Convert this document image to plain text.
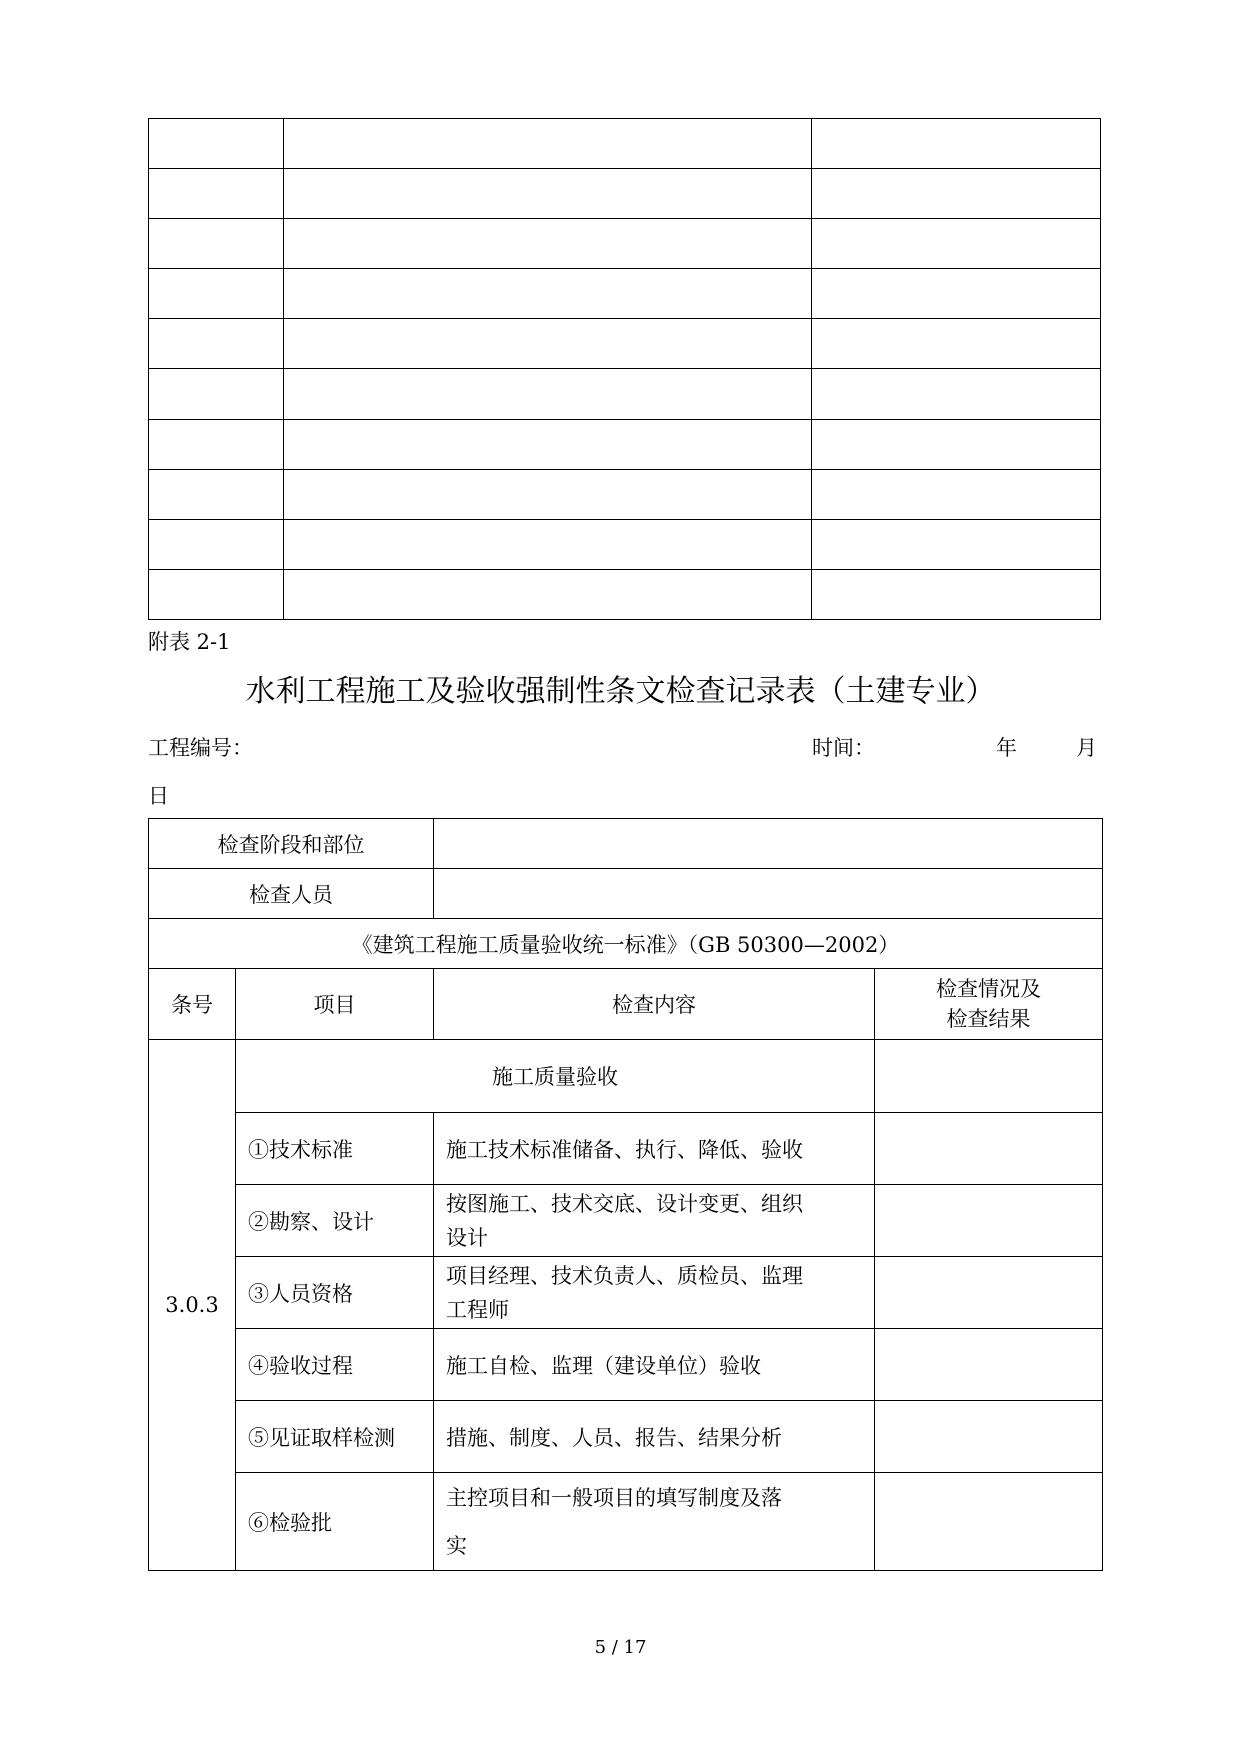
附表 2-1
水利工程施工及验收强制性条文检查记录表（土建专业）
工程编号：	时间：	年	月
日
检查阶段和部位			
检查人员			
《建筑工程施工质量验收统一标准》（GB 50300—2002）			
条号	项目	检查内容	检查情况及
检查结果

3.0.3	施工质量验收		
	①技术标准	施工技术标准储备、执行、降低、验收	
	②勘察、设计	按图施工、技术交底、设计变更、组织
设计	

	③人员资格	项目经理、技术负责人、质检员、监理
工程师	

	④验收过程	施工自检、监理（建设单位）验收	
	⑤见证取样检测	措施、制度、人员、报告、结果分析	
	⑥检验批	主控项目和一般项目的填写制度及落
实	

5 / 17
